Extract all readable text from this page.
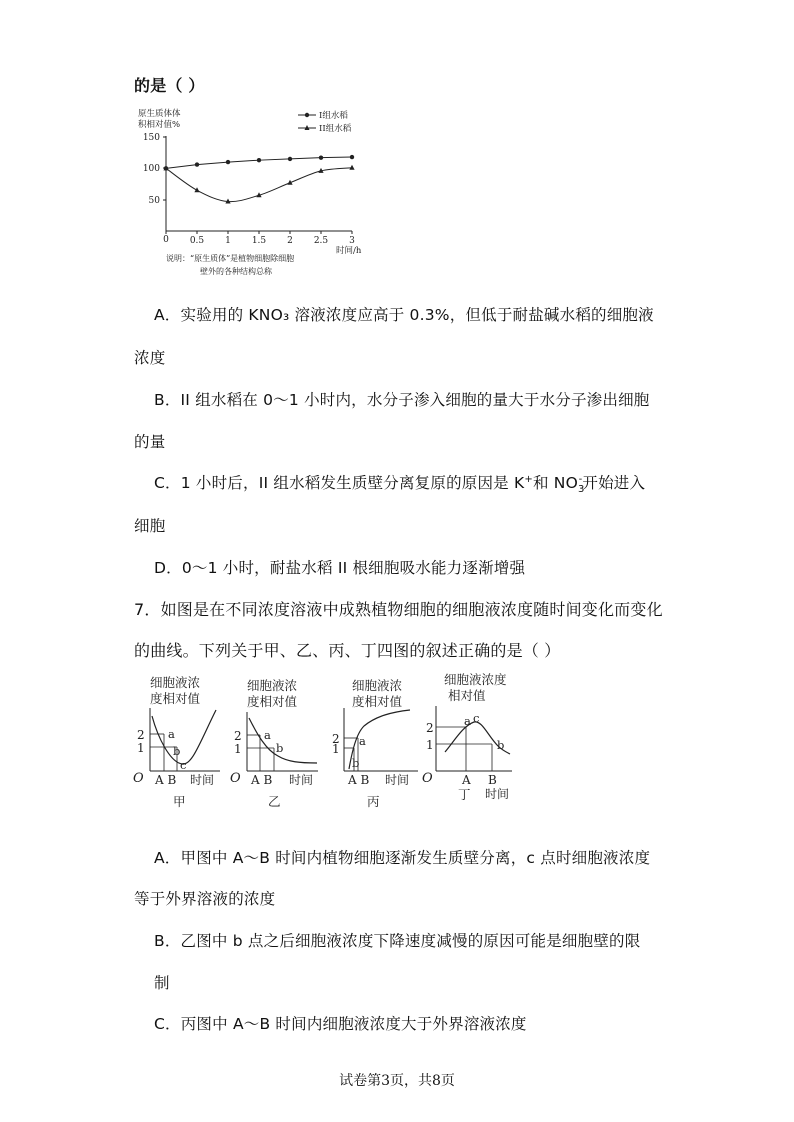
的是（ ）
原生质体体
积相对值%
I组水稻
II组水稻
150
100
50
0 0.5 1 1.5 2 2.5 3
时间/h
说明：“原生质体”是植物细胞除细胞
壁外的各种结构总称
A．实验用的 KNO₃ 溶液浓度应高于 0.3%，但低于耐盐碱水稻的细胞液
浓度
B．II 组水稻在 0～1 小时内，水分子渗入细胞的量大于水分子渗出细胞
的量
C．1 小时后，II 组水稻发生质壁分离复原的原因是 K+和 $NO_3^-$开始进入
细胞
D．0～1 小时，耐盐水稻 II 根细胞吸水能力逐渐增强
7．如图是在不同浓度溶液中成熟植物细胞的细胞液浓度随时间变化而变化
的曲线。下列关于甲、乙、丙、丁四图的叙述正确的是（ ）
细胞液浓
度相对值
2
1
a
b
c
O A B 时间
甲
细胞液浓
度相对值
2
1
a
b
O A B 时间
乙
细胞液浓
度相对值
2
1
a
b
A B 时间
丙
细胞液浓度
相对值
2
1
a c
b
O A B
时间
丁
A．甲图中 A～B 时间内植物细胞逐渐发生质壁分离，c 点时细胞液浓度
等于外界溶液的浓度
B．乙图中 b 点之后细胞液浓度下降速度减慢的原因可能是细胞壁的限
制
C．丙图中 A～B 时间内细胞液浓度大于外界溶液浓度
试卷第3页，共8页
